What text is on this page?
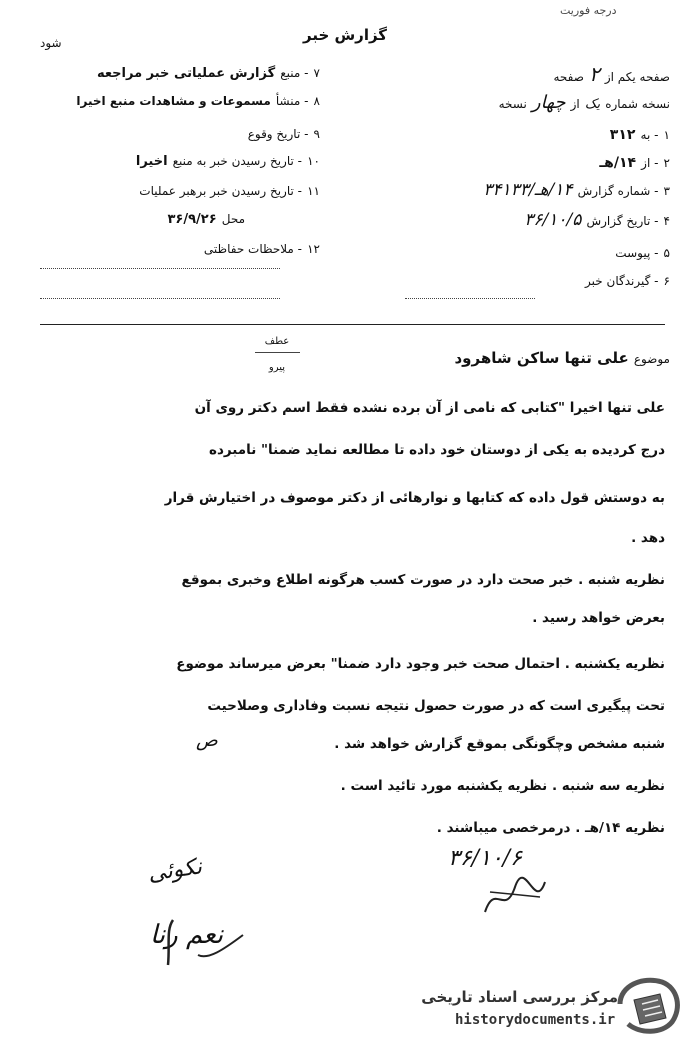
درجه فوریت
گزارش خبر
شود
۷ - منبع گزارش عملیاتی خبر مراجعه
۸ - منشأ مسموعات و مشاهدات منبع اخیرا
۹ - تاریخ وقوع
۱۰ - تاریخ رسیدن خبر به منبع اخیرا
۱۱ - تاریخ رسیدن خبر برهبر عملیات
محل ۳۶/۹/۲۶
۱۲ - ملاحظات حفاظتی
صفحه یکم از ۲ صفحه
نسخه شماره یک از چهار نسخه
۱ - به ۳۱۲
۲ - از ۱۴/هـ
۳ - شماره گزارش ۱۴/هـ/۳۴۱۳۳
۴ - تاریخ گزارش ۳۶/۱۰/۵
۵ - پیوست
۶ - گیرندگان خبر
عطف
پیرو
موضوع علی تنها ساکن شاهرود
علی تنها اخیرا "کتابی که نامی از آن برده نشده فقط اسم دکتر روی آن
درج کردیده به یکی از دوستان خود داده تا مطالعه نماید ضمنا" نامبرده
به دوستش قول داده که کتابها و نوارهائی از دکتر موصوف در اختیارش قرار
دهد .
نظریه شنبه . خبر صحت دارد در صورت کسب هرگونه اطلاع وخبری بموقع
بعرض خواهد رسید .
نظریه یکشنبه . احتمال صحت خبر وجود دارد ضمنا" بعرض میرساند موضوع
تحت پیگیری است که در صورت حصول نتیجه نسبت وفاداری وصلاحیت
شنبه مشخص وچگونگی بموقع گزارش خواهد شد .
نظریه سه شنبه . نظریه یکشنبه مورد تائید است .
نظریه ۱۴/هـ . درمرخصی میباشند .
ص
۳۶/۱۰/۶
نکوئی
نعم رنا
مرکز بررسی اسناد تاریخی
historydocuments.ir
